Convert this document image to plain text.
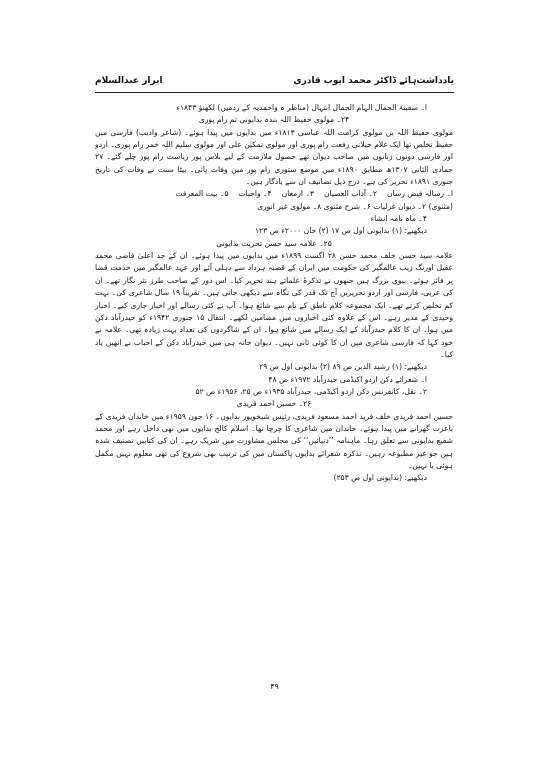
یادداشت‌ہائے ڈاکٹر محمد ایوب قادری
ابرار عبدالسلام

ا۔ سفینۃ الجمال الہام الجمال ابتہال (مناظر ہ واحمدیہ کے ردمیں) لکھنؤ ۱۸۴۳ء

۲۴۔ مولوی حفیظ اللہ بندہ بدایونی ثم رام پوری

مولوی حفیظ اللہ بن مولوی کرامت اللہ عباسی ۱۸۱۳ء میں بدایوں میں پیدا ہوئے۔ (شاعر وادیب) فارسی میں حفیظ تخلص تھا ایک غلام جیلانی رفعت رام پوری اور مولوی تمکین علی اور مولوی سلیم اللہ خمر رام پوری۔ اردو اور فارسی دونوں زبانوں میں صاحب دیوان تھے حصول ملازمت کے لیے بلاس پور ریاست رام پور چلے گئے۔ ۲۷ جمادی الثانی ۱۳۰۷ھ مطابق ۱۸۹۰ء میں موضع ستوری رام پور میں وفات پائی۔ بیٹا سنت نے وفات کی تاریخ جنوری ۱۸۹۱ء تحریر کی ہے۔ درج ذیل تصانیف ان سے یادگار ہیں۔

ا۔ رسالہ فیض رساں
۲۔ آداب العصیان
۳۔ ارمغان
۴۔ واجبات
۵۔ بیت المعرفت

(مثنوی) ۲۔ دیوان غزلیات ۶۔ شرح مثنوی ۸۔ مولوی غیر انوری

۴۔ ماہ نامہ انشاء

دیکھیے: (۱) بدایونی اول ص ۱۷ (۲) خان ۲۰۰۰ء ص ۱۲۳

۲۵۔ علامہ سید حسن تحریت بدایونی

علامہ سید حسن خلف محمد حسن ۲۸ اگست ۱۸۹۹ء میں بدایوں میں پیدا ہوئے۔ ان کے جد اعلیٰ قاضی محمد عقیل اورنگ زیب عالمگیر کی حکومت میں ایران کے قصبہ ہرداد سے دہلی آئے اور عہد عالمگیر میں خدمت قضا پر فائز ہوئے۔ بیوی بزرگ ہیں جنھوں نے تذکرۂ علمائے ہند تحریر کیا۔ اس دور کے صاحب طرز نثر نگار تھے۔ ان کی عربی، فارسی اور اردو تحریریں آج تک قدر کی نگاہ سے دیکھی جاتی ہیں۔ تقریباً ۱۹ سال شاعری کی۔ بہت کم تخلص کرتے تھے۔ ایک مجموعہ کلام ناطق کے نام سے شائع ہوا۔ آپ نے کئی رسالے اور اخبار جاری کیے۔ اخبار وحیدی کے مدیر رہے۔ اس کے علاوہ کئی اخباروں میں مضامین لکھے۔ انتقال ۱۵ جنوری ۱۹۴۲ء کو حیدرآباد دکن میں ہوا۔ ان کا کلام حیدرآباد کے ایک رسالے میں شائع ہوا۔ ان کے شاگردوں کی تعداد بہت زیادہ تھی۔ علامہ نے خود کہا کہ فارسی شاعری میں ان کا کوئی ثانی نہیں۔ دیوان خانہ ہی میں حیدرآباد دکن کے احباب نے انھیں یاد کیا۔

دیکھیے: (۱) رشید الدین ص ۸۹ (۲) بدایونی اول ص ۲۹

ا۔ شعرائے دکن اردو اکیڈمی حیدرآباد ۱۹۷۲ء ص ۴۸

۲۔ نقل، کانفرنس دکن اردو اکیڈمی، حیدرآباد ۱۹۳۵ء ص ۲۵، ۱۹۵۶ء ص ۵۲

۲۶۔ حسین احمد فریدی

حسین احمد فریدی خلف فرید احمد مسعود فریدی، رئیس شیخوپور بدایوں۔ ۱۶ جون ۱۹۵۹ء میں خاندان فریدی کے باعزت گھرانے میں پیدا ہوئے۔ خاندان میں شاعری کا چرچا تھا۔ اسلام کالج بدایوں میں بھی داخل رہے اور محمد شفیع بدایونی سے تعلق رہا۔ ماہنامہ ’’دنیائیں‘‘ کی مجلس مشاورت میں شریک رہے۔ ان کی کتابیں تصنیف شدہ ہیں جو غیر مطبوعہ رہیں۔ تذکرہ شعرائے بدایوں پاکستان میں کی ترتیب بھی شروع کی تھی معلوم نہیں مکمل ہوئی یا نہیں۔

دیکھیے: (بدایونی اول ص ۲۵۳)

۴۹
